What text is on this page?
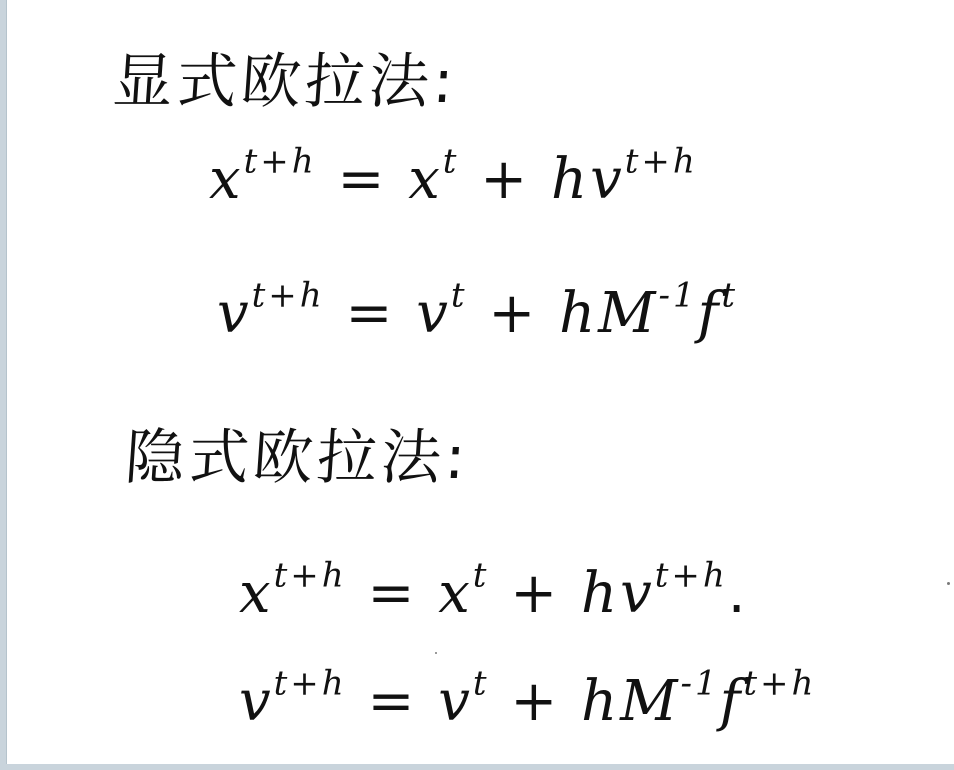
显式欧拉法:
$x^{t+h} = x^t + hv^{t+h}$
$v^{t+h} = v^t + hM^{-1}f^t$
隐式欧拉法:
$x^{t+h} = x^t + hv^{t+h}$.
$v^{t+h} = v^t + hM^{-1}f^{t+h}$
